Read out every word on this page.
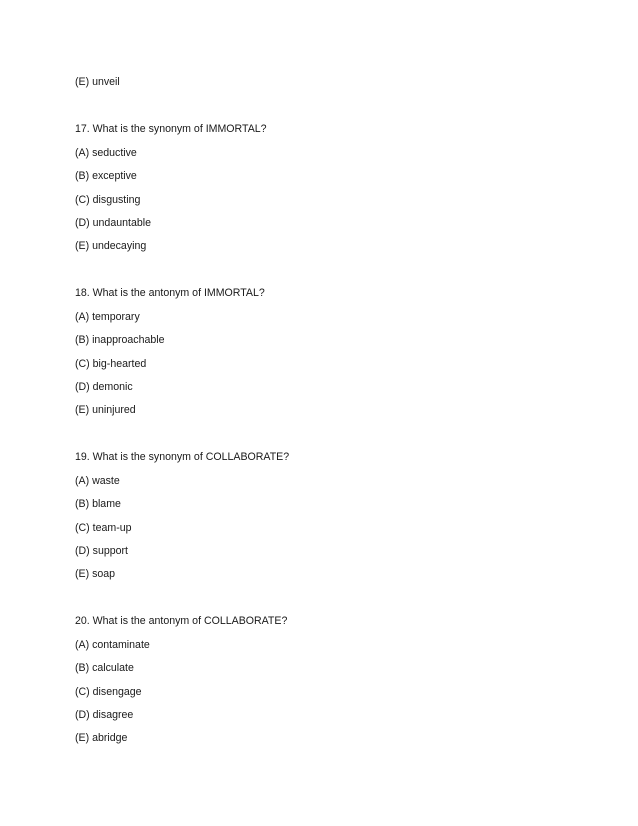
(E) unveil
17. What is the synonym of IMMORTAL?
(A) seductive
(B) exceptive
(C) disgusting
(D) undauntable
(E) undecaying
18. What is the antonym of IMMORTAL?
(A) temporary
(B) inapproachable
(C) big-hearted
(D) demonic
(E) uninjured
19. What is the synonym of COLLABORATE?
(A) waste
(B) blame
(C) team-up
(D) support
(E) soap
20. What is the antonym of COLLABORATE?
(A) contaminate
(B) calculate
(C) disengage
(D) disagree
(E) abridge
